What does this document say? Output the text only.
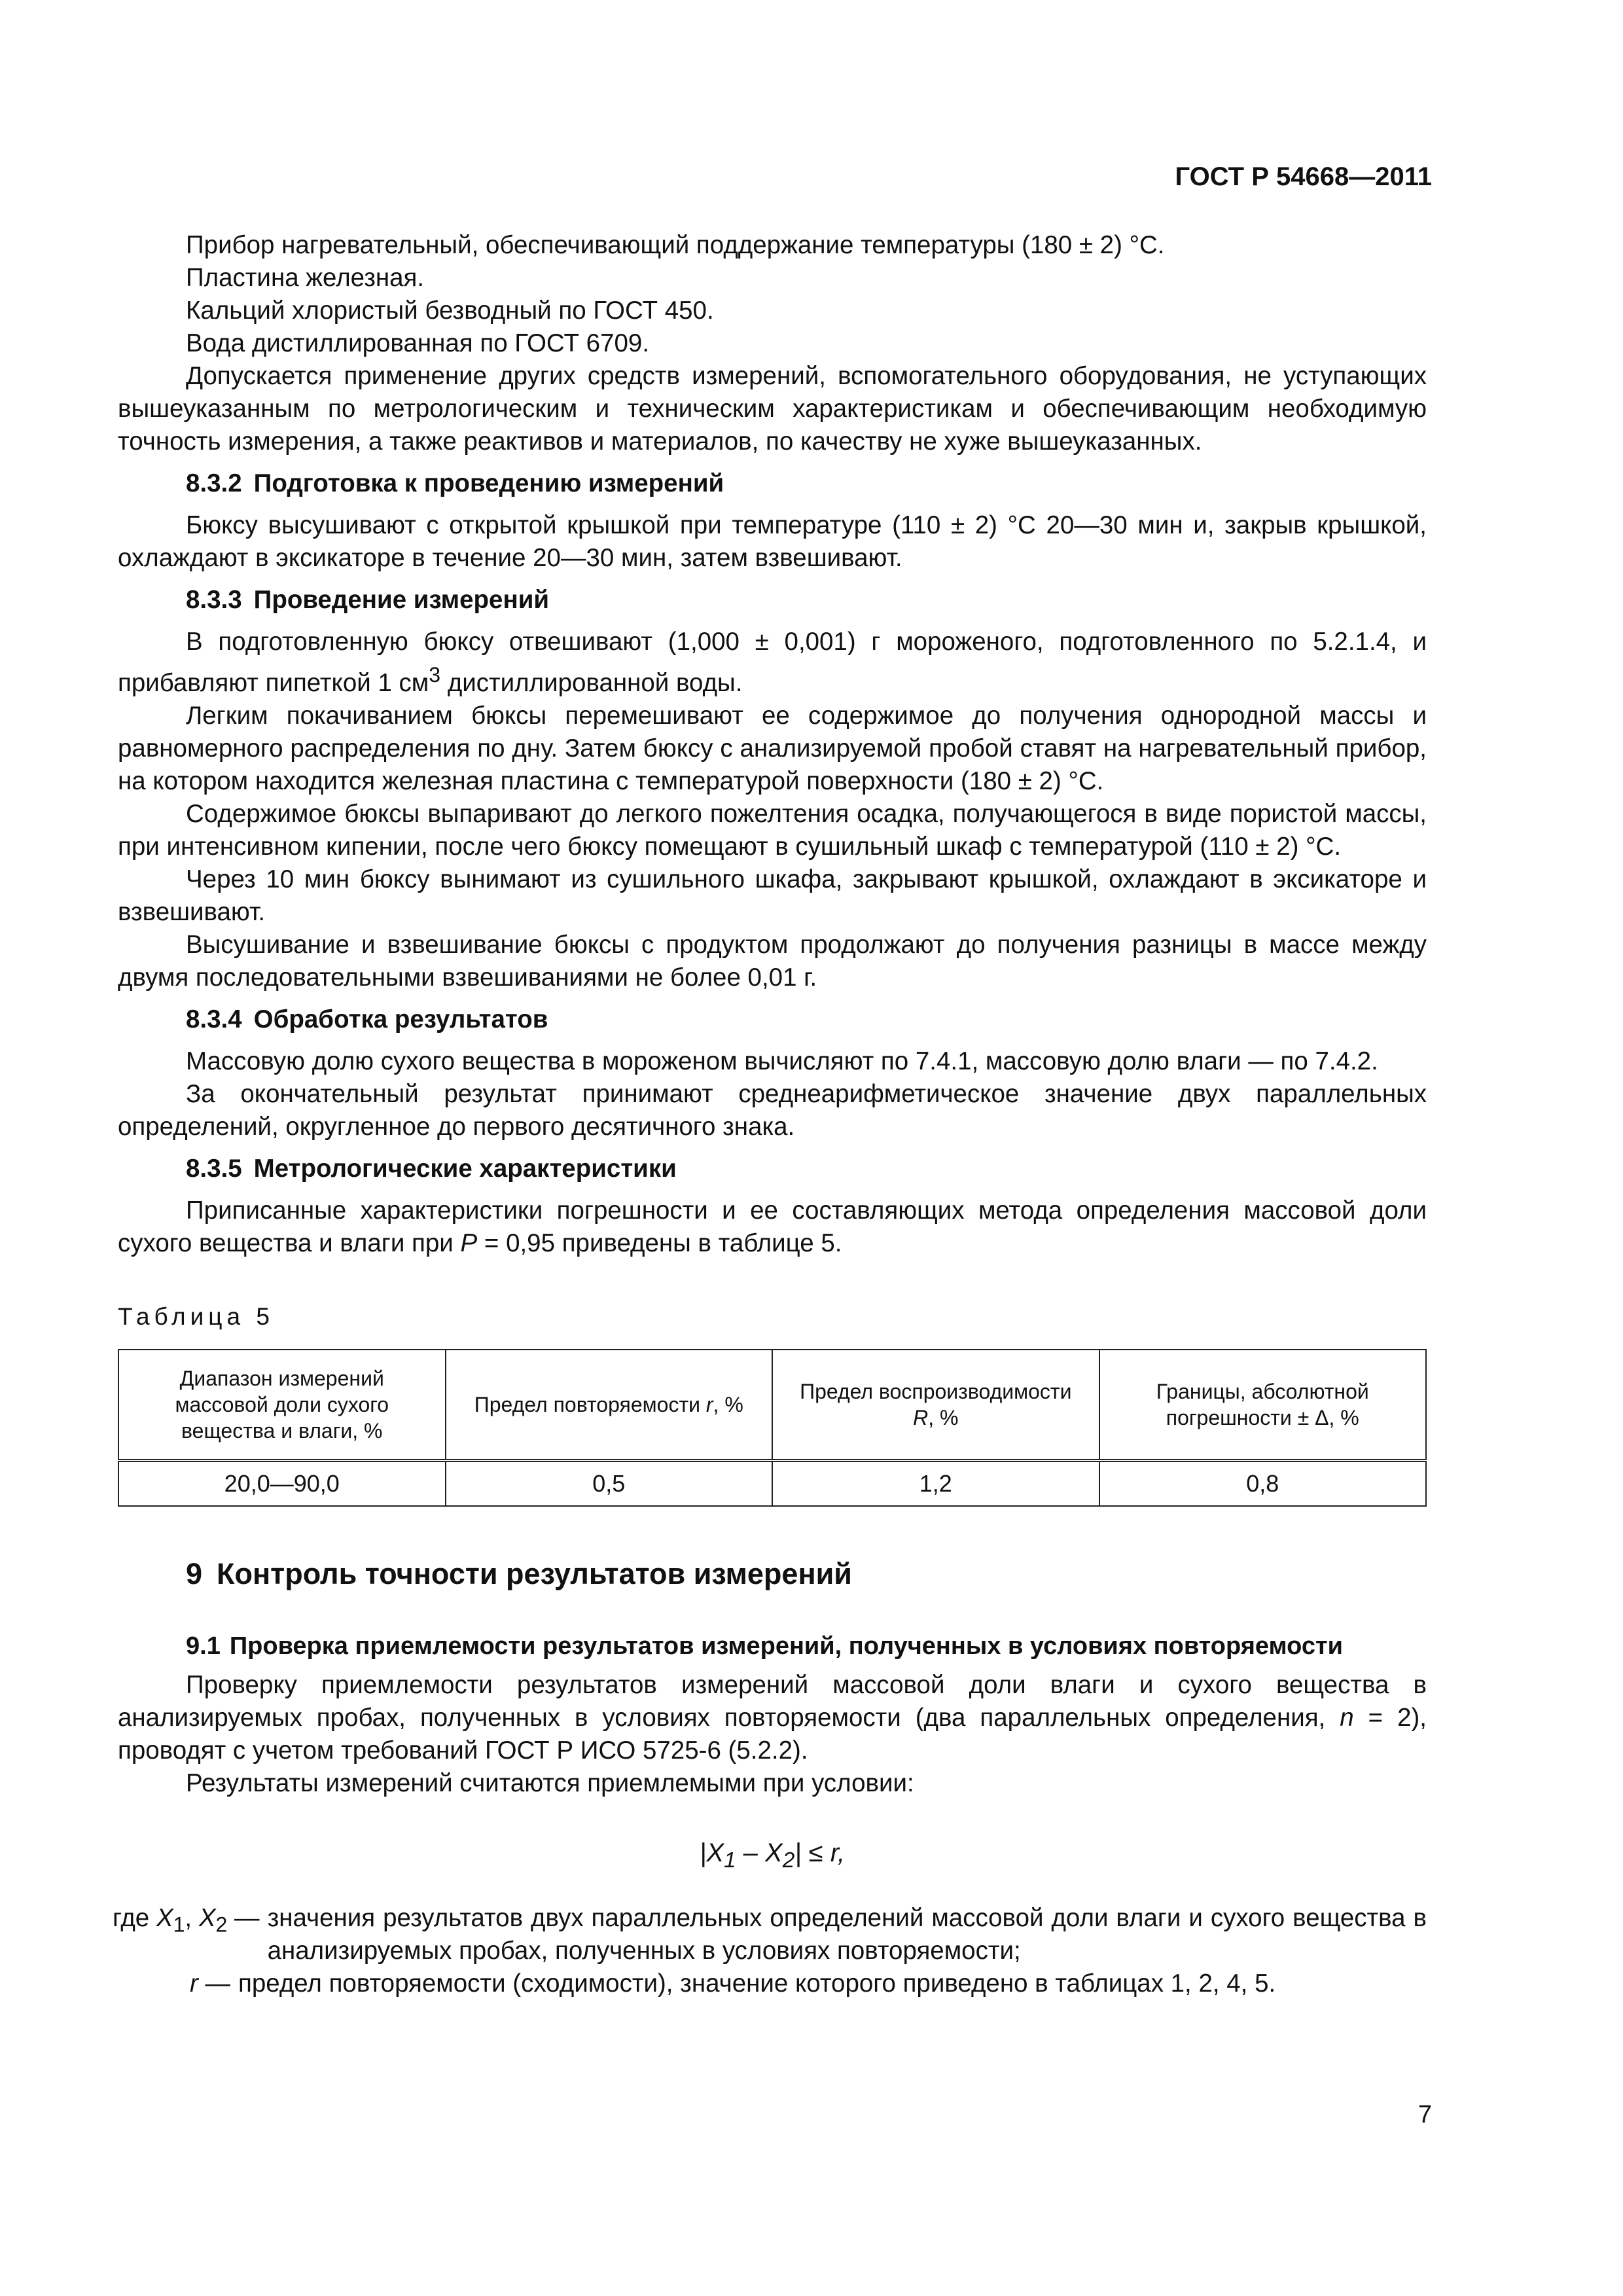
ГОСТ Р 54668—2011

Прибор нагревательный, обеспечивающий поддержание температуры (180 ± 2) °С.

Пластина железная.

Кальций хлористый безводный по ГОСТ 450.

Вода дистиллированная по ГОСТ 6709.

Допускается применение других средств измерений, вспомогательного оборудования, не уступающих вышеуказанным по метрологическим и техническим характеристикам и обеспечивающим необходимую точность измерения, а также реактивов и материалов, по качеству не хуже вышеуказанных.

8.3.2 Подготовка к проведению измерений

Бюксу высушивают с открытой крышкой при температуре (110 ± 2) °С 20—30 мин и, закрыв крышкой, охлаждают в эксикаторе в течение 20—30 мин, затем взвешивают.

8.3.3 Проведение измерений

В подготовленную бюксу отвешивают (1,000 ± 0,001) г мороженого, подготовленного по 5.2.1.4, и прибавляют пипеткой 1 $см^3$ дистиллированной воды.

Легким покачиванием бюксы перемешивают ее содержимое до получения однородной массы и равномерного распределения по дну. Затем бюксу с анализируемой пробой ставят на нагревательный прибор, на котором находится железная пластина с температурой поверхности (180 ± 2) °С.

Содержимое бюксы выпаривают до легкого пожелтения осадка, получающегося в виде пористой массы, при интенсивном кипении, после чего бюксу помещают в сушильный шкаф с температурой (110 ± 2) °С.

Через 10 мин бюксу вынимают из сушильного шкафа, закрывают крышкой, охлаждают в эксикаторе и взвешивают.

Высушивание и взвешивание бюксы с продуктом продолжают до получения разницы в массе между двумя последовательными взвешиваниями не более 0,01 г.

8.3.4 Обработка результатов

Массовую долю сухого вещества в мороженом вычисляют по 7.4.1, массовую долю влаги — по 7.4.2.

За окончательный результат принимают среднеарифметическое значение двух параллельных определений, округленное до первого десятичного знака.

8.3.5 Метрологические характеристики

Приписанные характеристики погрешности и ее составляющих метода определения массовой доли сухого вещества и влаги при Р = 0,95 приведены в таблице 5.

Таблица 5
Диапазон измерений массовой доли сухого вещества и влаги, %	Предел повторяемости r, %	Предел воспроизводимости R, %	Границы, абсолютной погрешности ± Δ, %
20,0—90,0	0,5	1,2	0,8
9 Контроль точности результатов измерений
9.1 Проверка приемлемости результатов измерений, полученных в условиях повторяемости

Проверку приемлемости результатов измерений массовой доли влаги и сухого вещества в анализируемых пробах, полученных в условиях повторяемости (два параллельных определения, n = 2), проводят с учетом требований ГОСТ Р ИСО 5725-6 (5.2.2).

Результаты измерений считаются приемлемыми при условии:

$|X_1 - X_2| \le r$,
где $X_1$, $X_2$ — значения результатов двух параллельных определений массовой доли влаги и сухого вещества в анализируемых пробах, полученных в условиях повторяемости;
r — предел повторяемости (сходимости), значение которого приведено в таблицах 1, 2, 4, 5.
7
